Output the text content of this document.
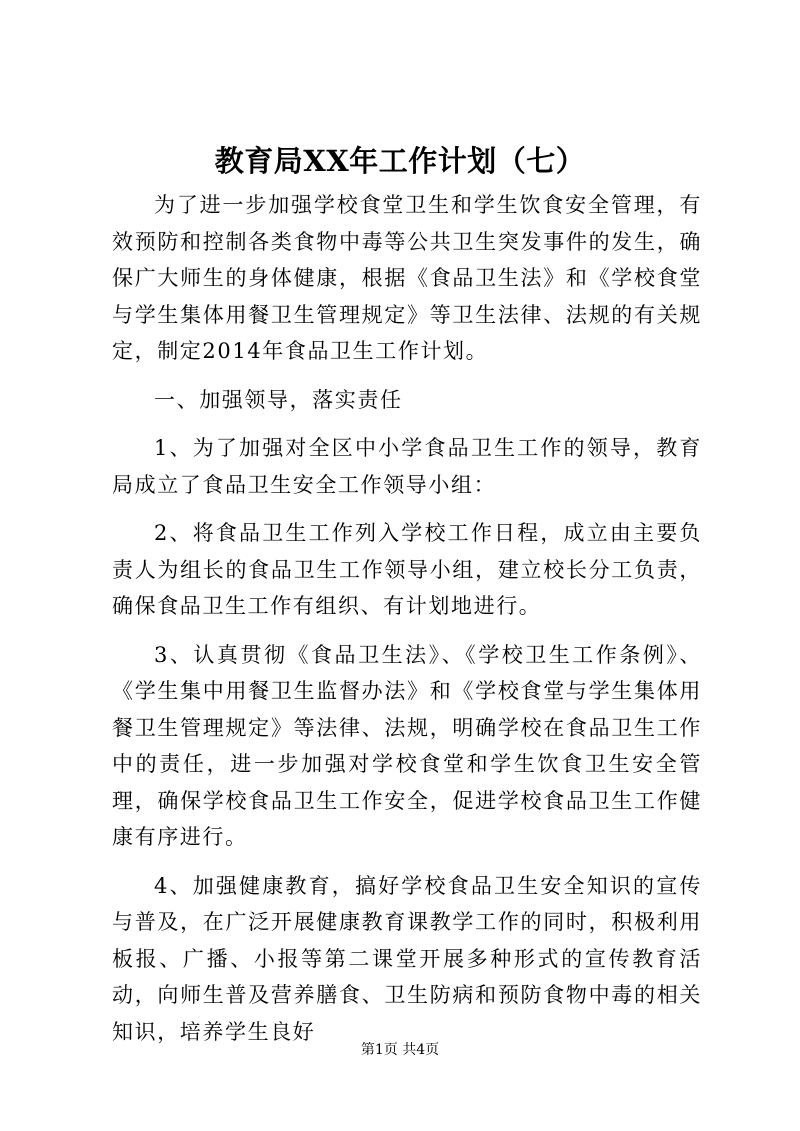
教育局XX年工作计划（七）

为了进一步加强学校食堂卫生和学生饮食安全管理，有效预防和控制各类食物中毒等公共卫生突发事件的发生，确保广大师生的身体健康，根据《食品卫生法》和《学校食堂与学生集体用餐卫生管理规定》等卫生法律、法规的有关规定，制定2014年食品卫生工作计划。

一、加强领导，落实责任

1、为了加强对全区中小学食品卫生工作的领导，教育局成立了食品卫生安全工作领导小组：

2、将食品卫生工作列入学校工作日程，成立由主要负责人为组长的食品卫生工作领导小组，建立校长分工负责，确保食品卫生工作有组织、有计划地进行。

3、认真贯彻《食品卫生法》、《学校卫生工作条例》、《学生集中用餐卫生监督办法》和《学校食堂与学生集体用餐卫生管理规定》等法律、法规，明确学校在食品卫生工作中的责任，进一步加强对学校食堂和学生饮食卫生安全管理，确保学校食品卫生工作安全，促进学校食品卫生工作健康有序进行。

4、加强健康教育，搞好学校食品卫生安全知识的宣传与普及，在广泛开展健康教育课教学工作的同时，积极利用板报、广播、小报等第二课堂开展多种形式的宣传教育活动，向师生普及营养膳食、卫生防病和预防食物中毒的相关知识，培养学生良好

第1页 共4页
